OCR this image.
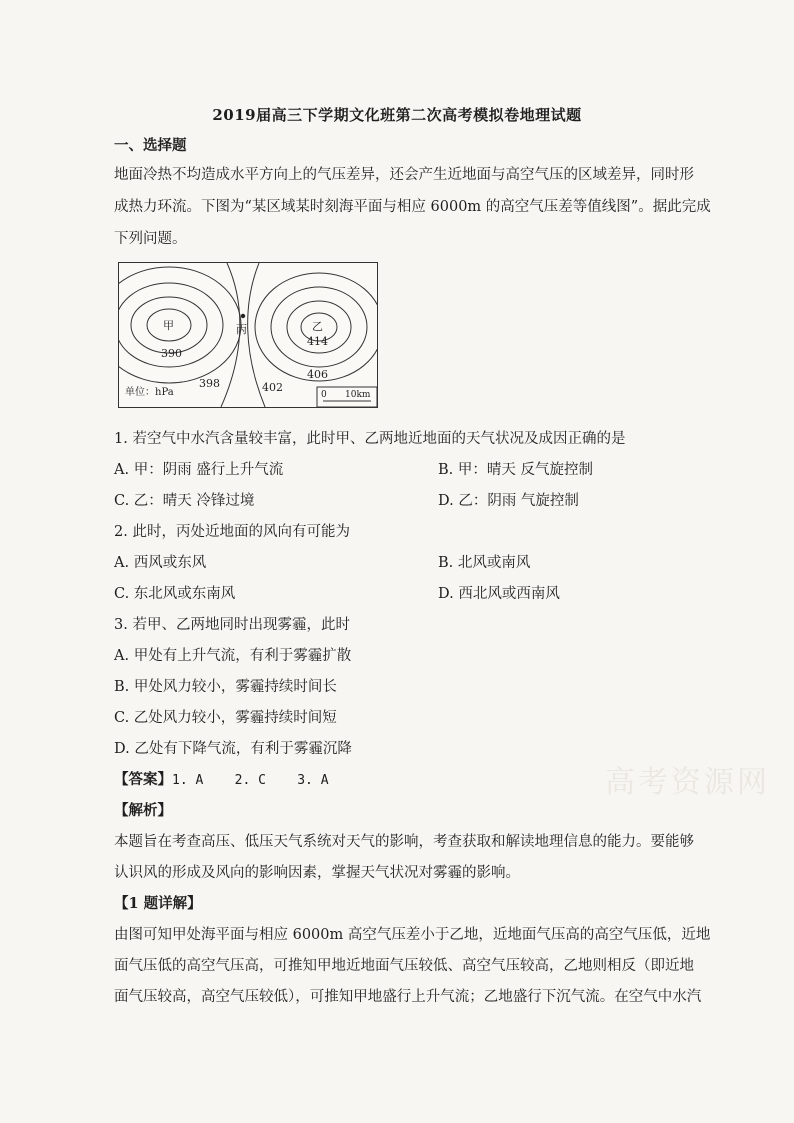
高考资源网
2019届高三下学期文化班第二次高考模拟卷地理试题
一、选择题
地面冷热不均造成水平方向上的气压差异，还会产生近地面与高空气压的区域差异，同时形
成热力环流。下图为“某区域某时刻海平面与相应 6000m 的高空气压差等值线图”。据此完成
下列问题。
甲	丙	乙
390
414
406
398	402
单位：hPa	0 10km
1. 若空气中水汽含量较丰富，此时甲、乙两地近地面的天气状况及成因正确的是
A. 甲：阴雨 盛行上升气流	B. 甲：晴天 反气旋控制
C. 乙：晴天 冷锋过境	D. 乙：阴雨 气旋控制
2. 此时，丙处近地面的风向有可能为
A. 西风或东风	B. 北风或南风
C. 东北风或东南风	D. 西北风或西南风
3. 若甲、乙两地同时出现雾霾，此时
A. 甲处有上升气流，有利于雾霾扩散
B. 甲处风力较小，雾霾持续时间长
C. 乙处风力较小，雾霾持续时间短
D. 乙处有下降气流，有利于雾霾沉降
【答案】1. A    2. C    3. A
【解析】
本题旨在考查高压、低压天气系统对天气的影响，考查获取和解读地理信息的能力。要能够
认识风的形成及风向的影响因素，掌握天气状况对雾霾的影响。
【1 题详解】
由图可知甲处海平面与相应 6000m 高空气压差小于乙地，近地面气压高的高空气压低，近地
面气压低的高空气压高，可推知甲地近地面气压较低、高空气压较高，乙地则相反（即近地
面气压较高，高空气压较低），可推知甲地盛行上升气流；乙地盛行下沉气流。在空气中水汽
